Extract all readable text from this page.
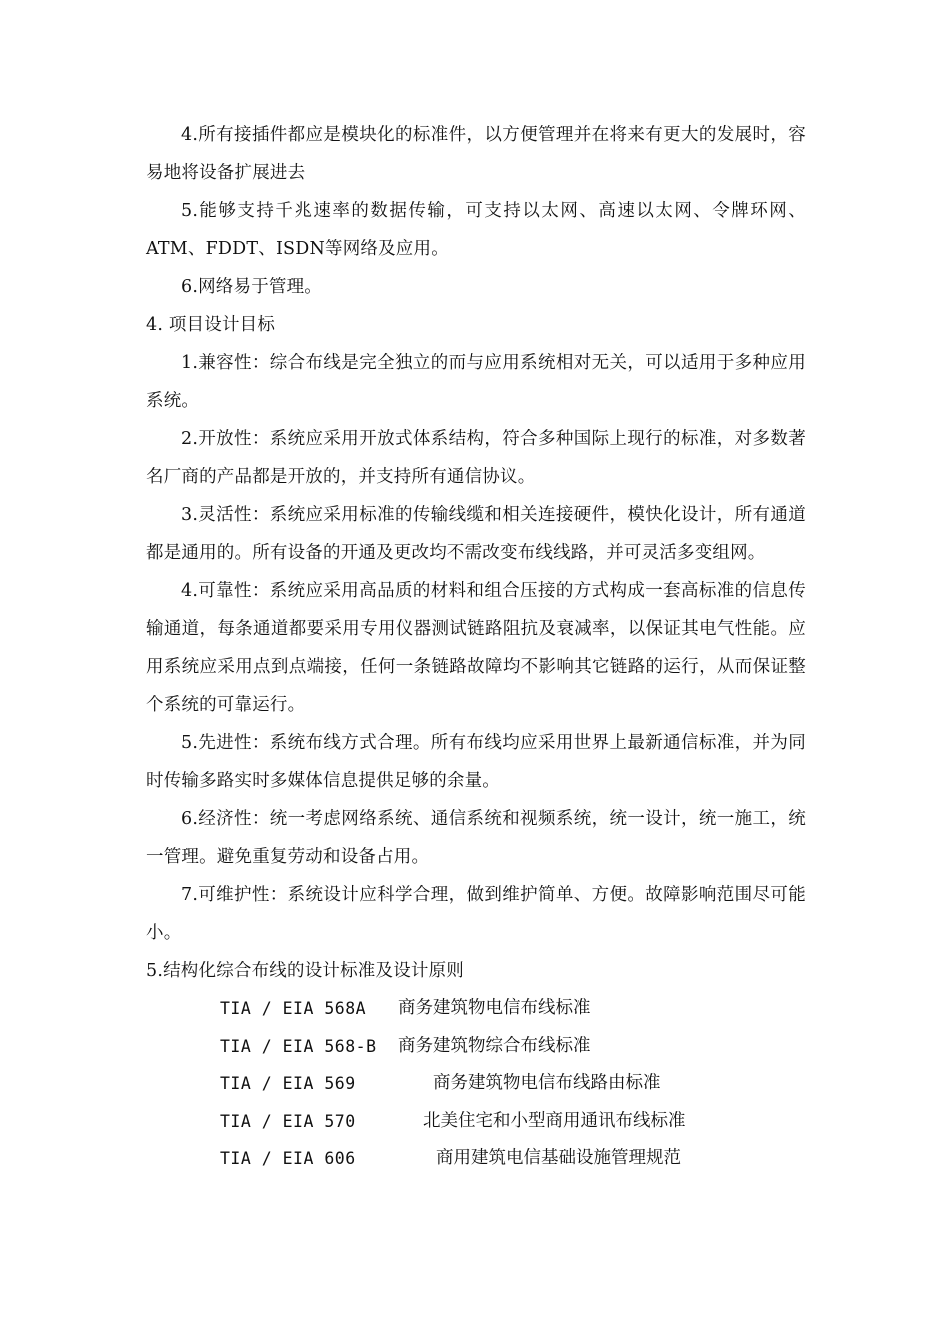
4.所有接插件都应是模块化的标准件，以方便管理并在将来有更大的发展时，容易地将设备扩展进去

5.能够支持千兆速率的数据传输，可支持以太网、高速以太网、令牌环网、ATM、FDDT、ISDN等网络及应用。

6.网络易于管理。

4. 项目设计目标

1.兼容性：综合布线是完全独立的而与应用系统相对无关，可以适用于多种应用系统。

2.开放性：系统应采用开放式体系结构，符合多种国际上现行的标准，对多数著名厂商的产品都是开放的，并支持所有通信协议。

3.灵活性：系统应采用标准的传输线缆和相关连接硬件，模快化设计，所有通道都是通用的。所有设备的开通及更改均不需改变布线线路，并可灵活多变组网。

4.可靠性：系统应采用高品质的材料和组合压接的方式构成一套高标准的信息传输通道，每条通道都要采用专用仪器测试链路阻抗及衰减率，以保证其电气性能。应用系统应采用点到点端接，任何一条链路故障均不影响其它链路的运行，从而保证整个系统的可靠运行。

5.先进性：系统布线方式合理。所有布线均应采用世界上最新通信标准，并为同时传输多路实时多媒体信息提供足够的余量。

6.经济性：统一考虑网络系统、通信系统和视频系统，统一设计，统一施工，统一管理。避免重复劳动和设备占用。

7.可维护性：系统设计应科学合理，做到维护简单、方便。故障影响范围尽可能小。

5.结构化综合布线的设计标准及设计原则

TIA / EIA 568A 商务建筑物电信布线标准
TIA / EIA 568-B 商务建筑物综合布线标准
TIA / EIA 569	商务建筑物电信布线路由标准
TIA / EIA 570	北美住宅和小型商用通讯布线标准
TIA / EIA 606	商用建筑电信基础设施管理规范
